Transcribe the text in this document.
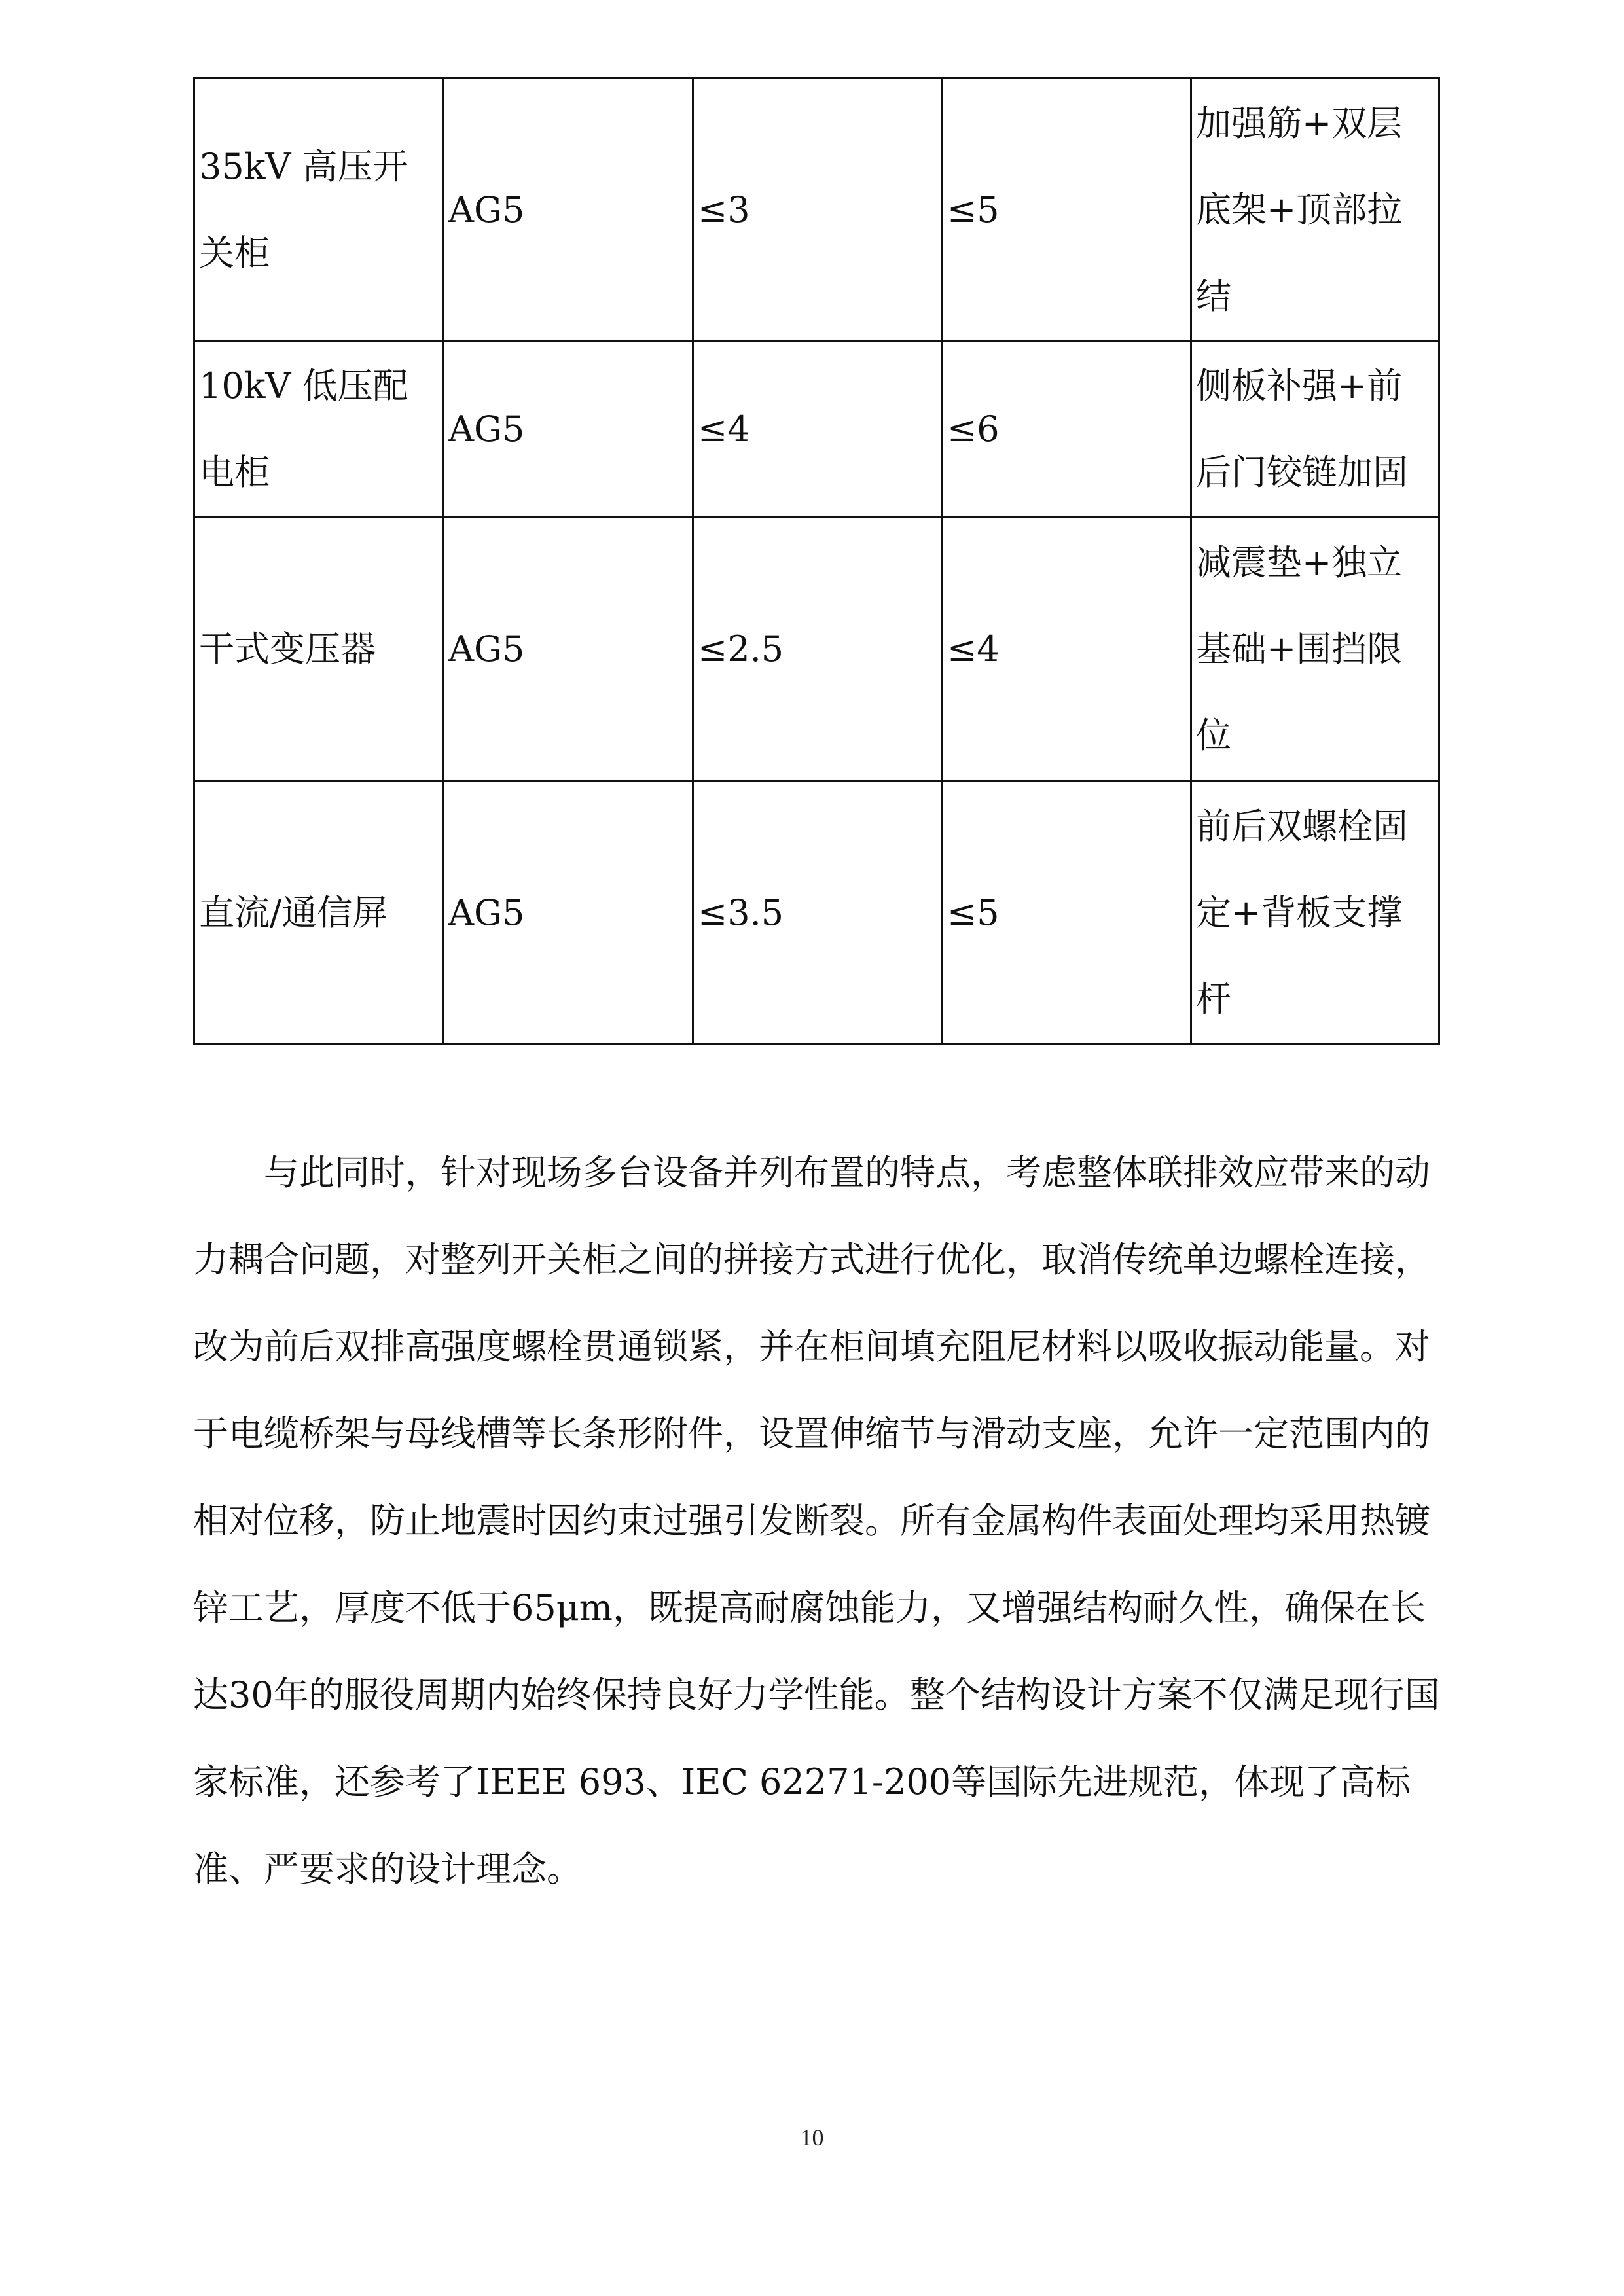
35kV 高压开关柜	AG5	≤3	≤5	加强筋+双层底架+顶部拉结
10kV 低压配电柜	AG5	≤4	≤6	侧板补强+前后门铰链加固
干式变压器	AG5	≤2.5	≤4	减震垫+独立基础+围挡限位
直流/通信屏	AG5	≤3.5	≤5	前后双螺栓固定+背板支撑杆

与此同时，针对现场多台设备并列布置的特点，考虑整体联排效应带来的动力耦合问题，对整列开关柜之间的拼接方式进行优化，取消传统单边螺栓连接，改为前后双排高强度螺栓贯通锁紧，并在柜间填充阻尼材料以吸收振动能量。对于电缆桥架与母线槽等长条形附件，设置伸缩节与滑动支座，允许一定范围内的相对位移，防止地震时因约束过强引发断裂。所有金属构件表面处理均采用热镀锌工艺，厚度不低于65μm，既提高耐腐蚀能力，又增强结构耐久性，确保在长达30年的服役周期内始终保持良好力学性能。整个结构设计方案不仅满足现行国家标准，还参考了IEEE 693、IEC 62271-200等国际先进规范，体现了高标准、严要求的设计理念。

10
